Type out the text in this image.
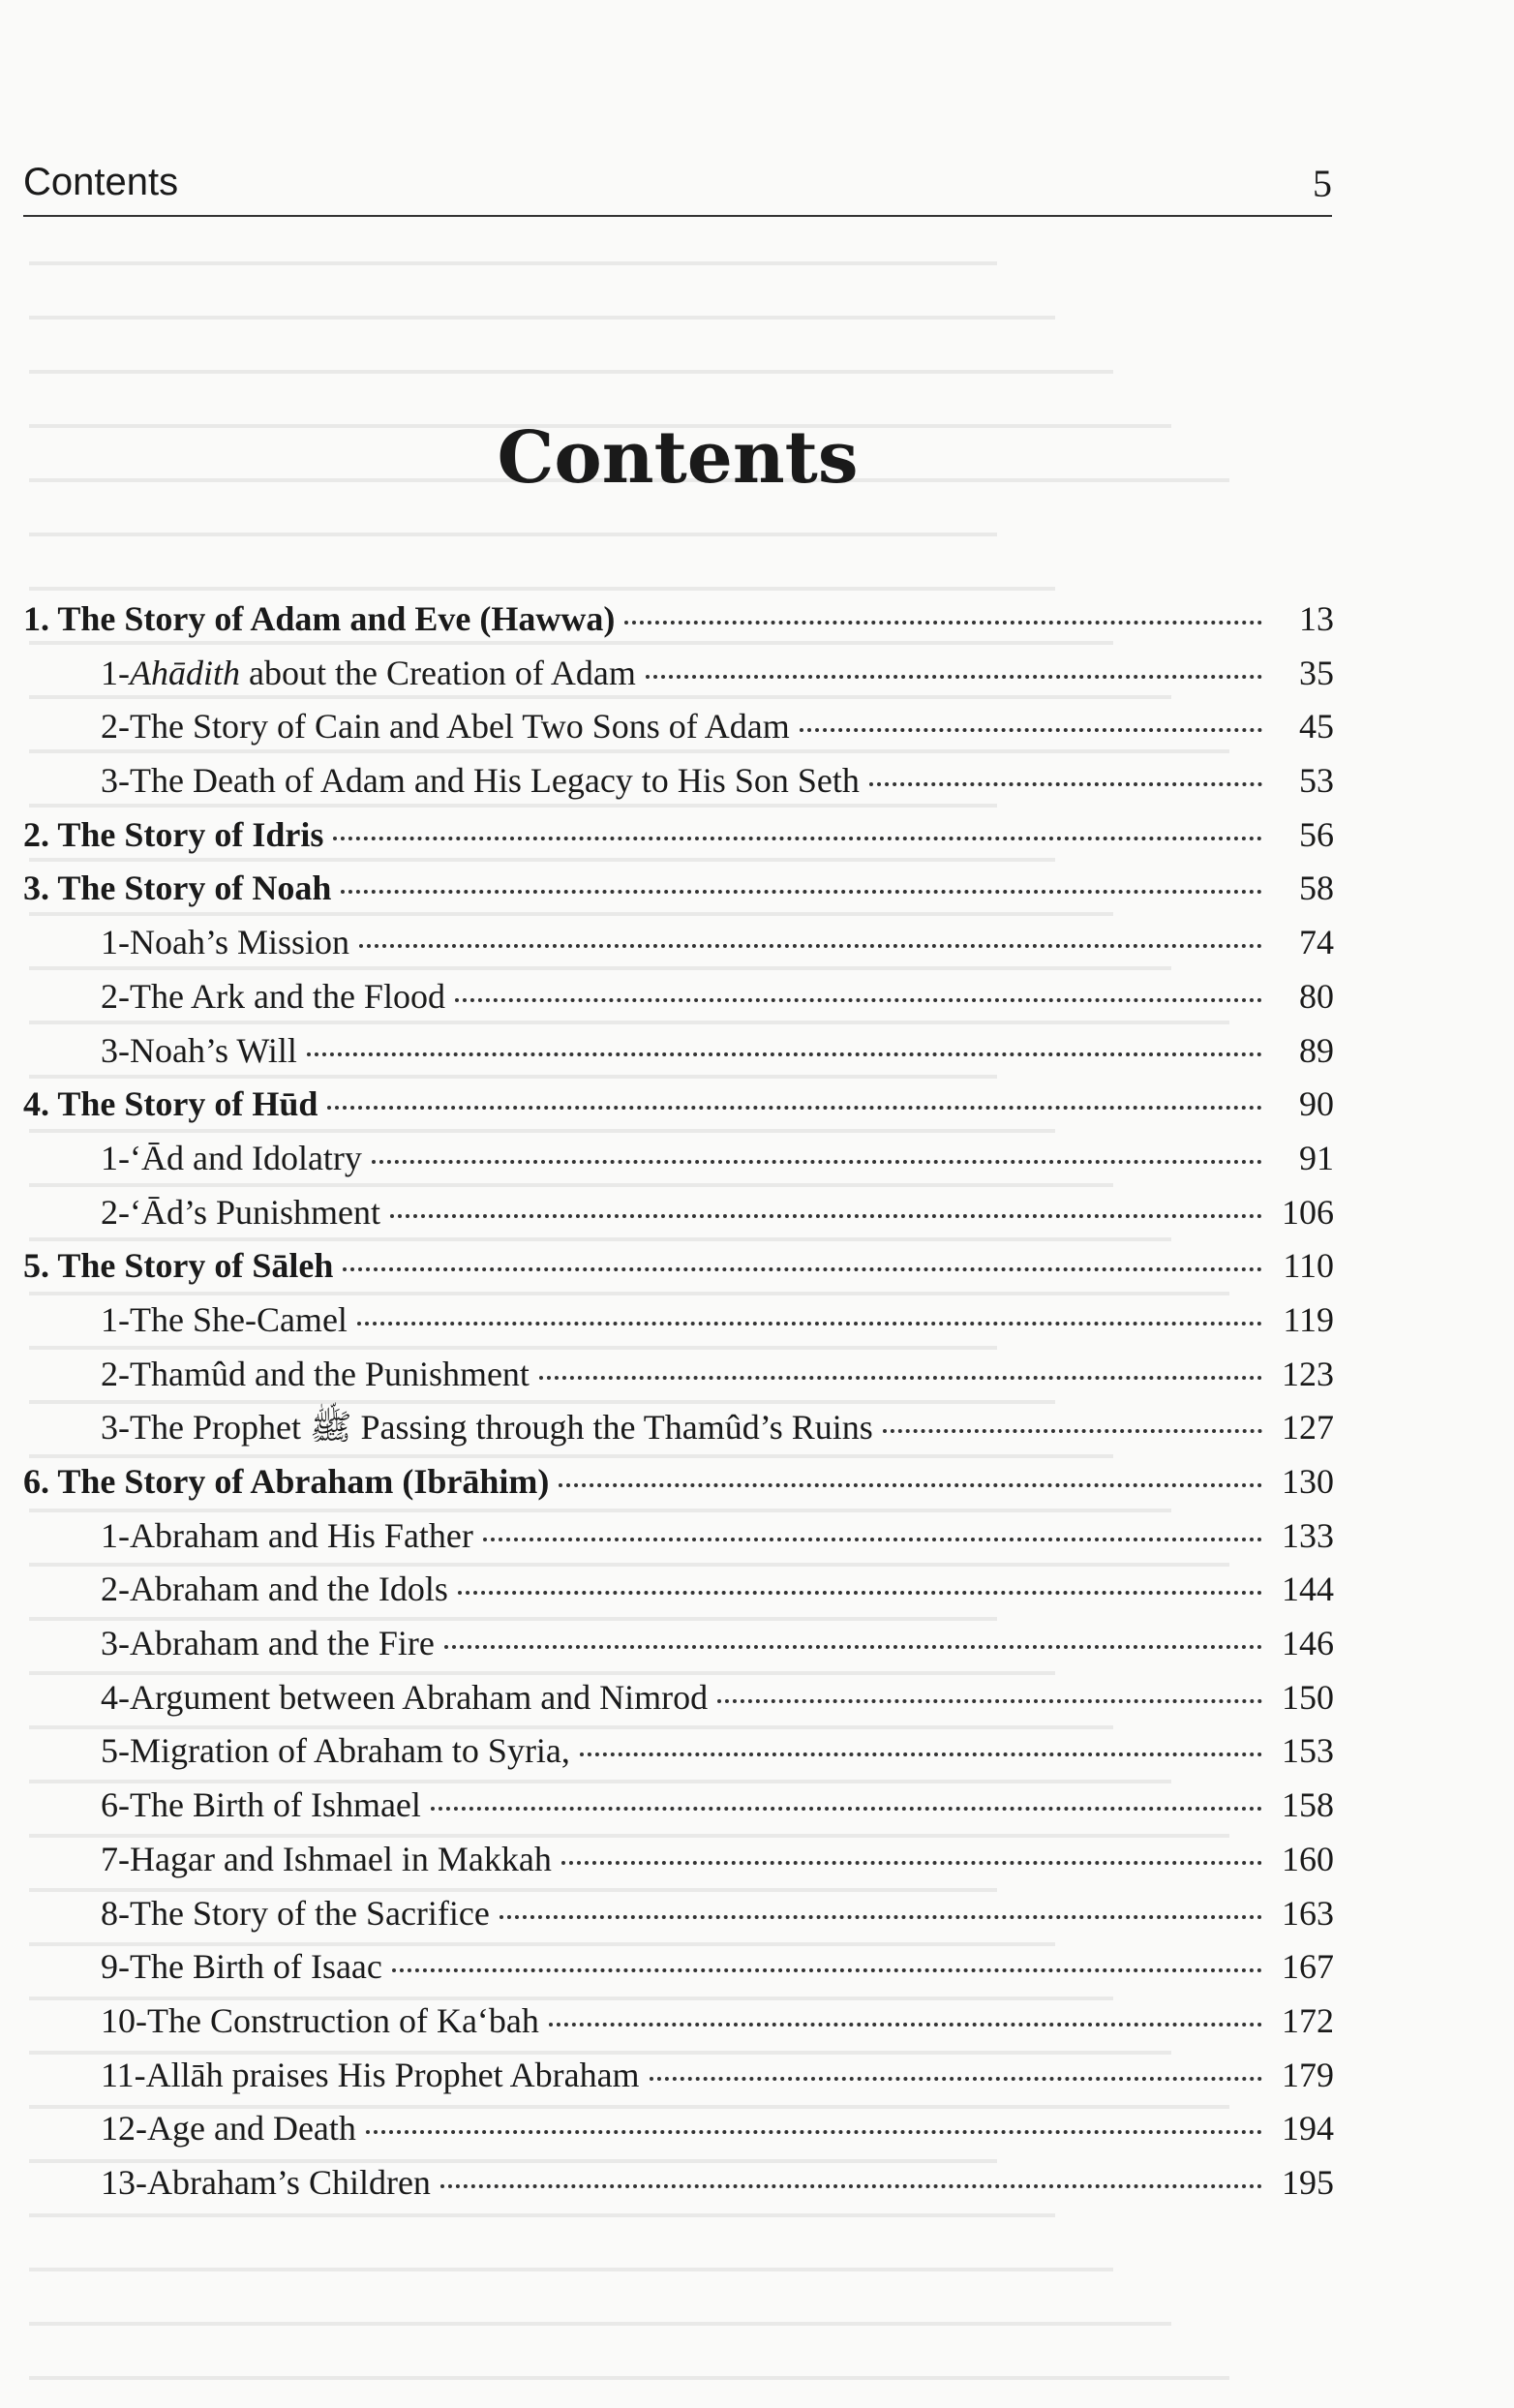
Contents	5
Contents
1. The Story of Adam and Eve (Hawwa)	13
1-Ahādith about the Creation of Adam	35
2-The Story of Cain and Abel Two Sons of Adam	45
3-The Death of Adam and His Legacy to His Son Seth	53
2. The Story of Idris	56
3. The Story of Noah	58
1-Noah’s Mission	74
2-The Ark and the Flood	80
3-Noah’s Will	89
4. The Story of Hūd	90
1-‘Ād and Idolatry	91
2-‘Ād’s Punishment	106
5. The Story of Sāleh	110
1-The She-Camel	119
2-Thamûd and the Punishment	123
3-The Prophet ﷺ Passing through the Thamûd’s Ruins	127
6. The Story of Abraham (Ibrāhim)	130
1-Abraham and His Father	133
2-Abraham and the Idols	144
3-Abraham and the Fire	146
4-Argument between Abraham and Nimrod	150
5-Migration of Abraham to Syria,	153
6-The Birth of Ishmael	158
7-Hagar and Ishmael in Makkah	160
8-The Story of the Sacrifice	163
9-The Birth of Isaac	167
10-The Construction of Ka‘bah	172
11-Allāh praises His Prophet Abraham	179
12-Age and Death	194
13-Abraham’s Children	195
